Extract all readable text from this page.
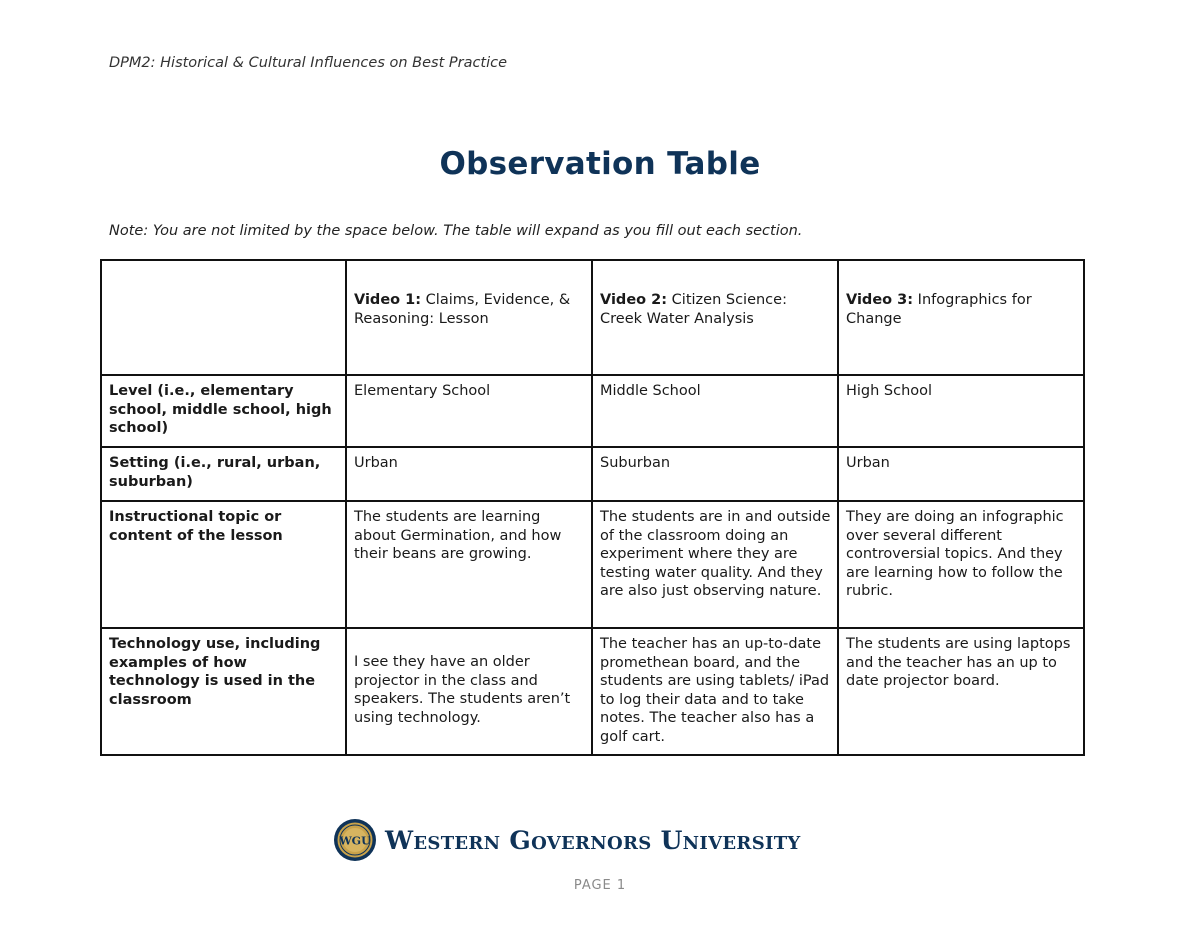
DPM2: Historical & Cultural Influences on Best Practice
Observation Table
Note: You are not limited by the space below. The table will expand as you fill out each section.
	Video 1: Claims, Evidence, & Reasoning: Lesson	Video 2: Citizen Science: Creek Water Analysis	Video 3: Infographics for Change
Level (i.e., elementary school, middle school, high school)	Elementary School	Middle School	High School
Setting (i.e., rural, urban, suburban)	Urban	Suburban	Urban
Instructional topic or content of the lesson	The students are learning about Germination, and how their beans are growing.	The students are in and outside of the classroom doing an experiment where they are testing water quality. And they are also just observing nature.	They are doing an infographic over several different controversial topics. And they are learning how to follow the rubric.
Technology use, including examples of how technology is used in the classroom	I see they have an older projector in the class and speakers. The students aren’t using technology.	The teacher has an up-to-date promethean board, and the students are using tablets/ iPad to log their data and to take notes. The teacher also has a golf cart.	The students are using laptops and the teacher has an up to date projector board.
WGU Western Governors University
PAGE 1
